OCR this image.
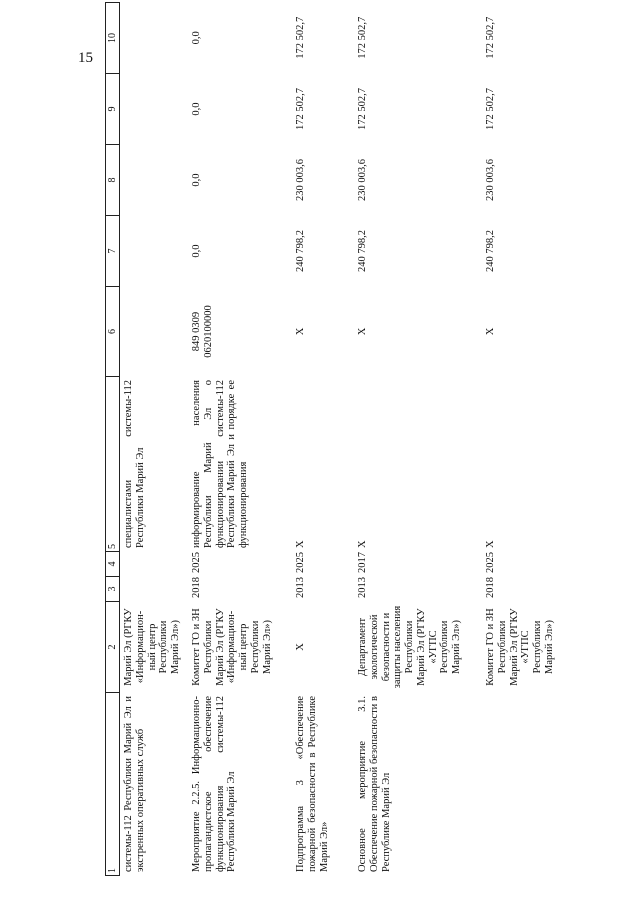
15
1	2	3	4	5	6	7	8	9	10
системы-112 Республики Марий Эл и экстренных оперативных служб	Марий Эл (РГКУ «Информацион-ный центр Республики Марий Эл»)			специалистами системы-112 Республики Марий Эл					
Мероприятие 2.2.5. Информационно-пропагандистское обеспечение функционирования системы-112 Республики Марий Эл	Комитет ГО и ЗН Республики Марий Эл (РГКУ «Информацион-ный центр Республики Марий Эл»)	2018	2025	информирование населения Республики Марий Эл о функционировании системы-112 Республики Марий Эл и порядке ее функционирования	849 0309 0620100000	0,0	0,0	0,0	0,0
Подпрограмма 3 «Обеспечение пожарной безопасности в Республике Марий Эл»	X	2013	2025	X	X	240 798,2	230 003,6	172 502,7	172 502,7
Основное мероприятие 3.1. Обеспечение пожарной безопасности в Республике Марий Эл	Департамент экологической безопасности и защиты населения Республики Марий Эл (РГКУ «УГПС Республики Марий Эл»)	2013	2017	X	X	240 798,2	230 003,6	172 502,7	172 502,7
	Комитет ГО и ЗН Республики Марий Эл (РГКУ «УГПС Республики Марий Эл»)	2018	2025	X	X	240 798,2	230 003,6	172 502,7	172 502,7
